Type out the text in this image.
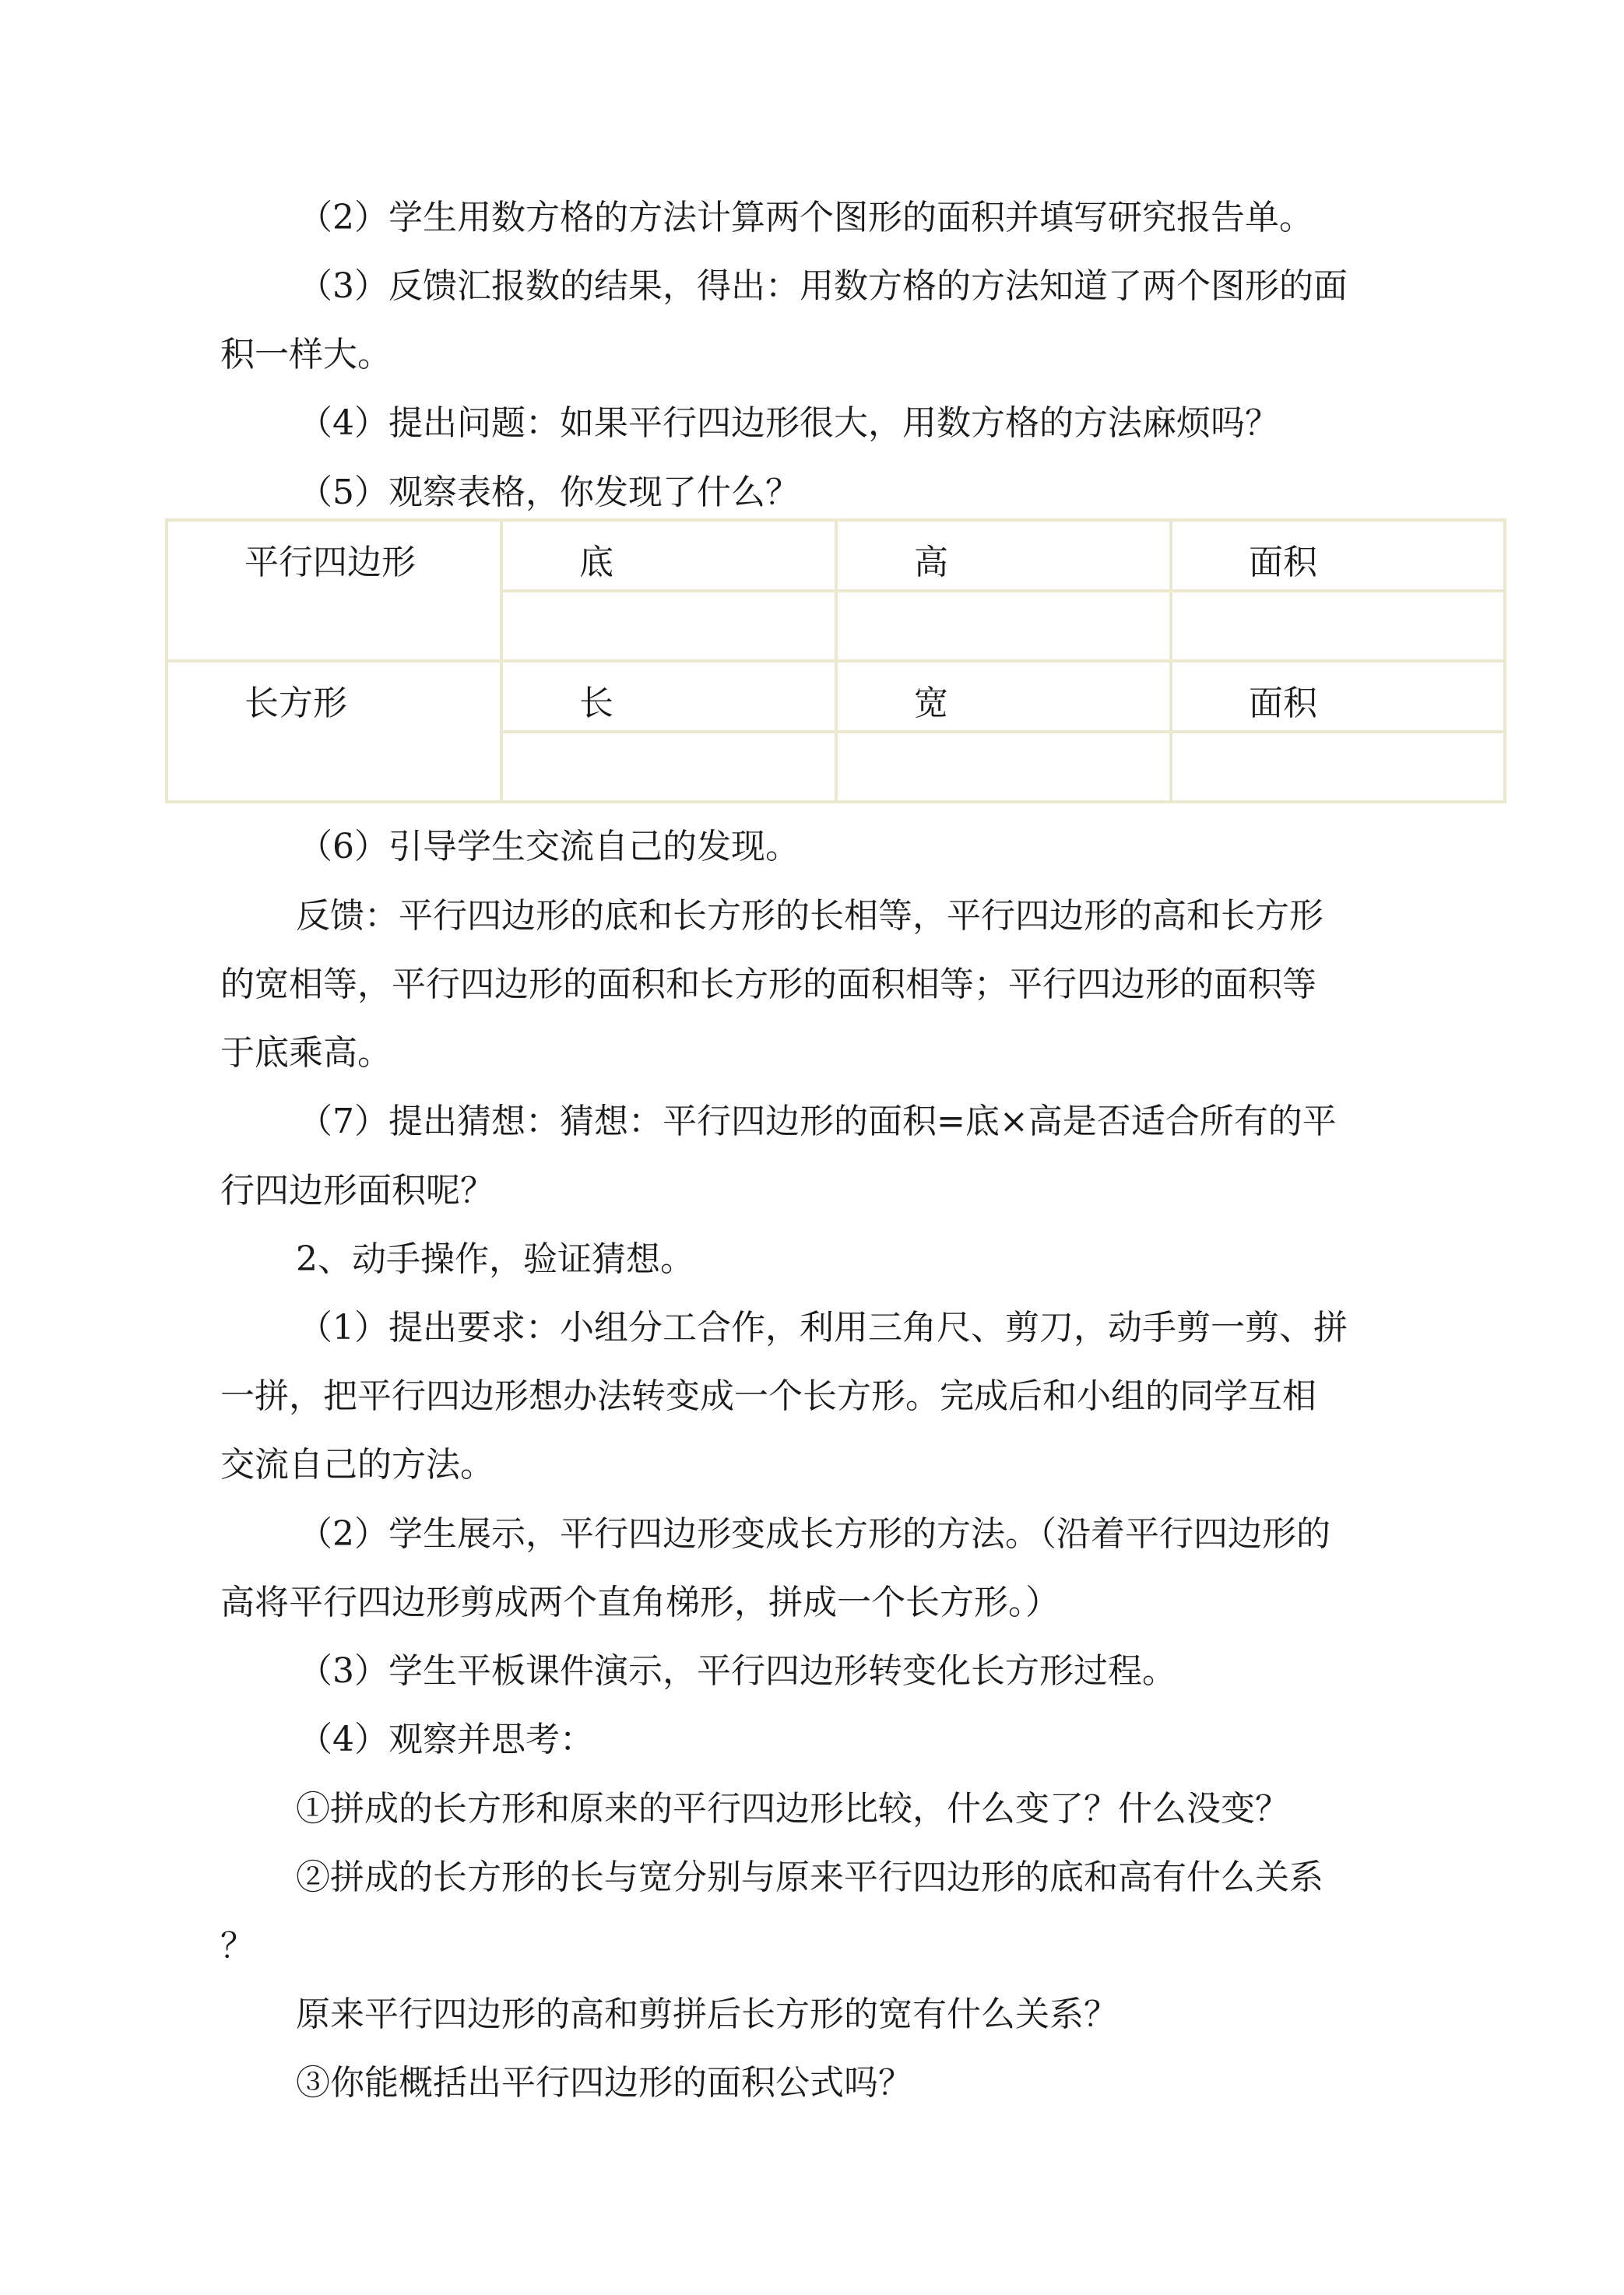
（2）学生用数方格的方法计算两个图形的面积并填写研究报告单。
（3）反馈汇报数的结果，得出：用数方格的方法知道了两个图形的面
积一样大。
（4）提出问题：如果平行四边形很大，用数方格的方法麻烦吗？
（5）观察表格，你发现了什么？
平行四边形	底	高	面积

长方形	长	宽	面积

（6）引导学生交流自己的发现。
反馈：平行四边形的底和长方形的长相等，平行四边形的高和长方形
的宽相等，平行四边形的面积和长方形的面积相等；平行四边形的面积等
于底乘高。
（7）提出猜想：猜想：平行四边形的面积=底×高是否适合所有的平
行四边形面积呢？
2、动手操作，验证猜想。
（1）提出要求：小组分工合作，利用三角尺、剪刀，动手剪一剪、拼
一拼，把平行四边形想办法转变成一个长方形。完成后和小组的同学互相
交流自己的方法。
（2）学生展示，平行四边形变成长方形的方法。（沿着平行四边形的
高将平行四边形剪成两个直角梯形，拼成一个长方形。）
（3）学生平板课件演示，平行四边形转变化长方形过程。
（4）观察并思考：
①拼成的长方形和原来的平行四边形比较，什么变了？什么没变？
②拼成的长方形的长与宽分别与原来平行四边形的底和高有什么关系
？
原来平行四边形的高和剪拼后长方形的宽有什么关系？
③你能概括出平行四边形的面积公式吗？
